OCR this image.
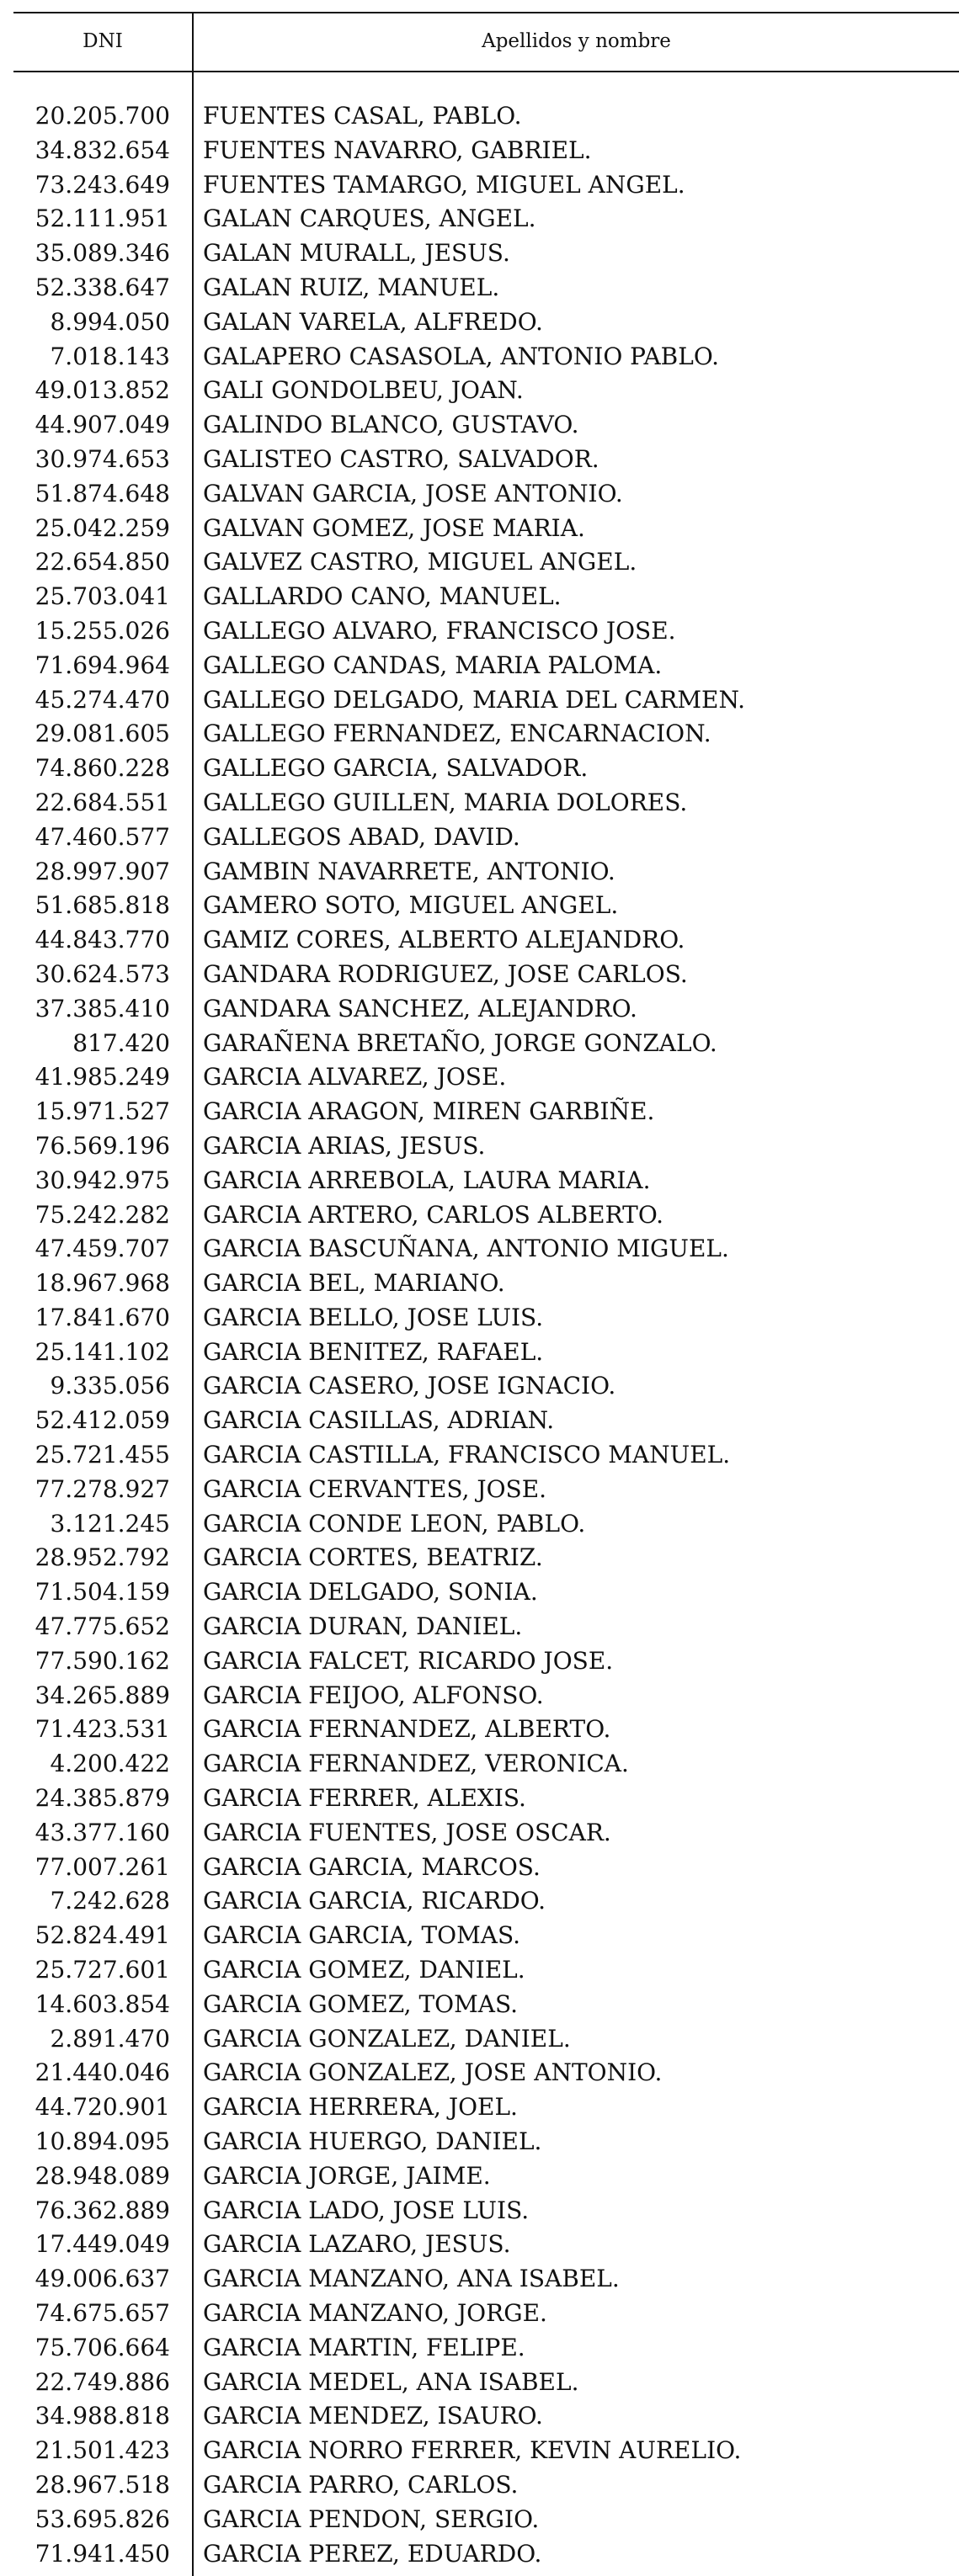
DNI	Apellidos y nombre
20.205.700 FUENTES CASAL, PABLO.
34.832.654 FUENTES NAVARRO, GABRIEL.
73.243.649 FUENTES TAMARGO, MIGUEL ANGEL.
52.111.951 GALAN CARQUES, ANGEL.
35.089.346 GALAN MURALL, JESUS.
52.338.647 GALAN RUIZ, MANUEL.
8.994.050 GALAN VARELA, ALFREDO.
7.018.143 GALAPERO CASASOLA, ANTONIO PABLO.
49.013.852 GALI GONDOLBEU, JOAN.
44.907.049 GALINDO BLANCO, GUSTAVO.
30.974.653 GALISTEO CASTRO, SALVADOR.
51.874.648 GALVAN GARCIA, JOSE ANTONIO.
25.042.259 GALVAN GOMEZ, JOSE MARIA.
22.654.850 GALVEZ CASTRO, MIGUEL ANGEL.
25.703.041 GALLARDO CANO, MANUEL.
15.255.026 GALLEGO ALVARO, FRANCISCO JOSE.
71.694.964 GALLEGO CANDAS, MARIA PALOMA.
45.274.470 GALLEGO DELGADO, MARIA DEL CARMEN.
29.081.605 GALLEGO FERNANDEZ, ENCARNACION.
74.860.228 GALLEGO GARCIA, SALVADOR.
22.684.551 GALLEGO GUILLEN, MARIA DOLORES.
47.460.577 GALLEGOS ABAD, DAVID.
28.997.907 GAMBIN NAVARRETE, ANTONIO.
51.685.818 GAMERO SOTO, MIGUEL ANGEL.
44.843.770 GAMIZ CORES, ALBERTO ALEJANDRO.
30.624.573 GANDARA RODRIGUEZ, JOSE CARLOS.
37.385.410 GANDARA SANCHEZ, ALEJANDRO.
817.420 GARAÑENA BRETAÑO, JORGE GONZALO.
41.985.249 GARCIA ALVAREZ, JOSE.
15.971.527 GARCIA ARAGON, MIREN GARBIÑE.
76.569.196 GARCIA ARIAS, JESUS.
30.942.975 GARCIA ARREBOLA, LAURA MARIA.
75.242.282 GARCIA ARTERO, CARLOS ALBERTO.
47.459.707 GARCIA BASCUÑANA, ANTONIO MIGUEL.
18.967.968 GARCIA BEL, MARIANO.
17.841.670 GARCIA BELLO, JOSE LUIS.
25.141.102 GARCIA BENITEZ, RAFAEL.
9.335.056 GARCIA CASERO, JOSE IGNACIO.
52.412.059 GARCIA CASILLAS, ADRIAN.
25.721.455 GARCIA CASTILLA, FRANCISCO MANUEL.
77.278.927 GARCIA CERVANTES, JOSE.
3.121.245 GARCIA CONDE LEON, PABLO.
28.952.792 GARCIA CORTES, BEATRIZ.
71.504.159 GARCIA DELGADO, SONIA.
47.775.652 GARCIA DURAN, DANIEL.
77.590.162 GARCIA FALCET, RICARDO JOSE.
34.265.889 GARCIA FEIJOO, ALFONSO.
71.423.531 GARCIA FERNANDEZ, ALBERTO.
4.200.422 GARCIA FERNANDEZ, VERONICA.
24.385.879 GARCIA FERRER, ALEXIS.
43.377.160 GARCIA FUENTES, JOSE OSCAR.
77.007.261 GARCIA GARCIA, MARCOS.
7.242.628 GARCIA GARCIA, RICARDO.
52.824.491 GARCIA GARCIA, TOMAS.
25.727.601 GARCIA GOMEZ, DANIEL.
14.603.854 GARCIA GOMEZ, TOMAS.
2.891.470 GARCIA GONZALEZ, DANIEL.
21.440.046 GARCIA GONZALEZ, JOSE ANTONIO.
44.720.901 GARCIA HERRERA, JOEL.
10.894.095 GARCIA HUERGO, DANIEL.
28.948.089 GARCIA JORGE, JAIME.
76.362.889 GARCIA LADO, JOSE LUIS.
17.449.049 GARCIA LAZARO, JESUS.
49.006.637 GARCIA MANZANO, ANA ISABEL.
74.675.657 GARCIA MANZANO, JORGE.
75.706.664 GARCIA MARTIN, FELIPE.
22.749.886 GARCIA MEDEL, ANA ISABEL.
34.988.818 GARCIA MENDEZ, ISAURO.
21.501.423 GARCIA NORRO FERRER, KEVIN AURELIO.
28.967.518 GARCIA PARRO, CARLOS.
53.695.826 GARCIA PENDON, SERGIO.
71.941.450 GARCIA PEREZ, EDUARDO.
